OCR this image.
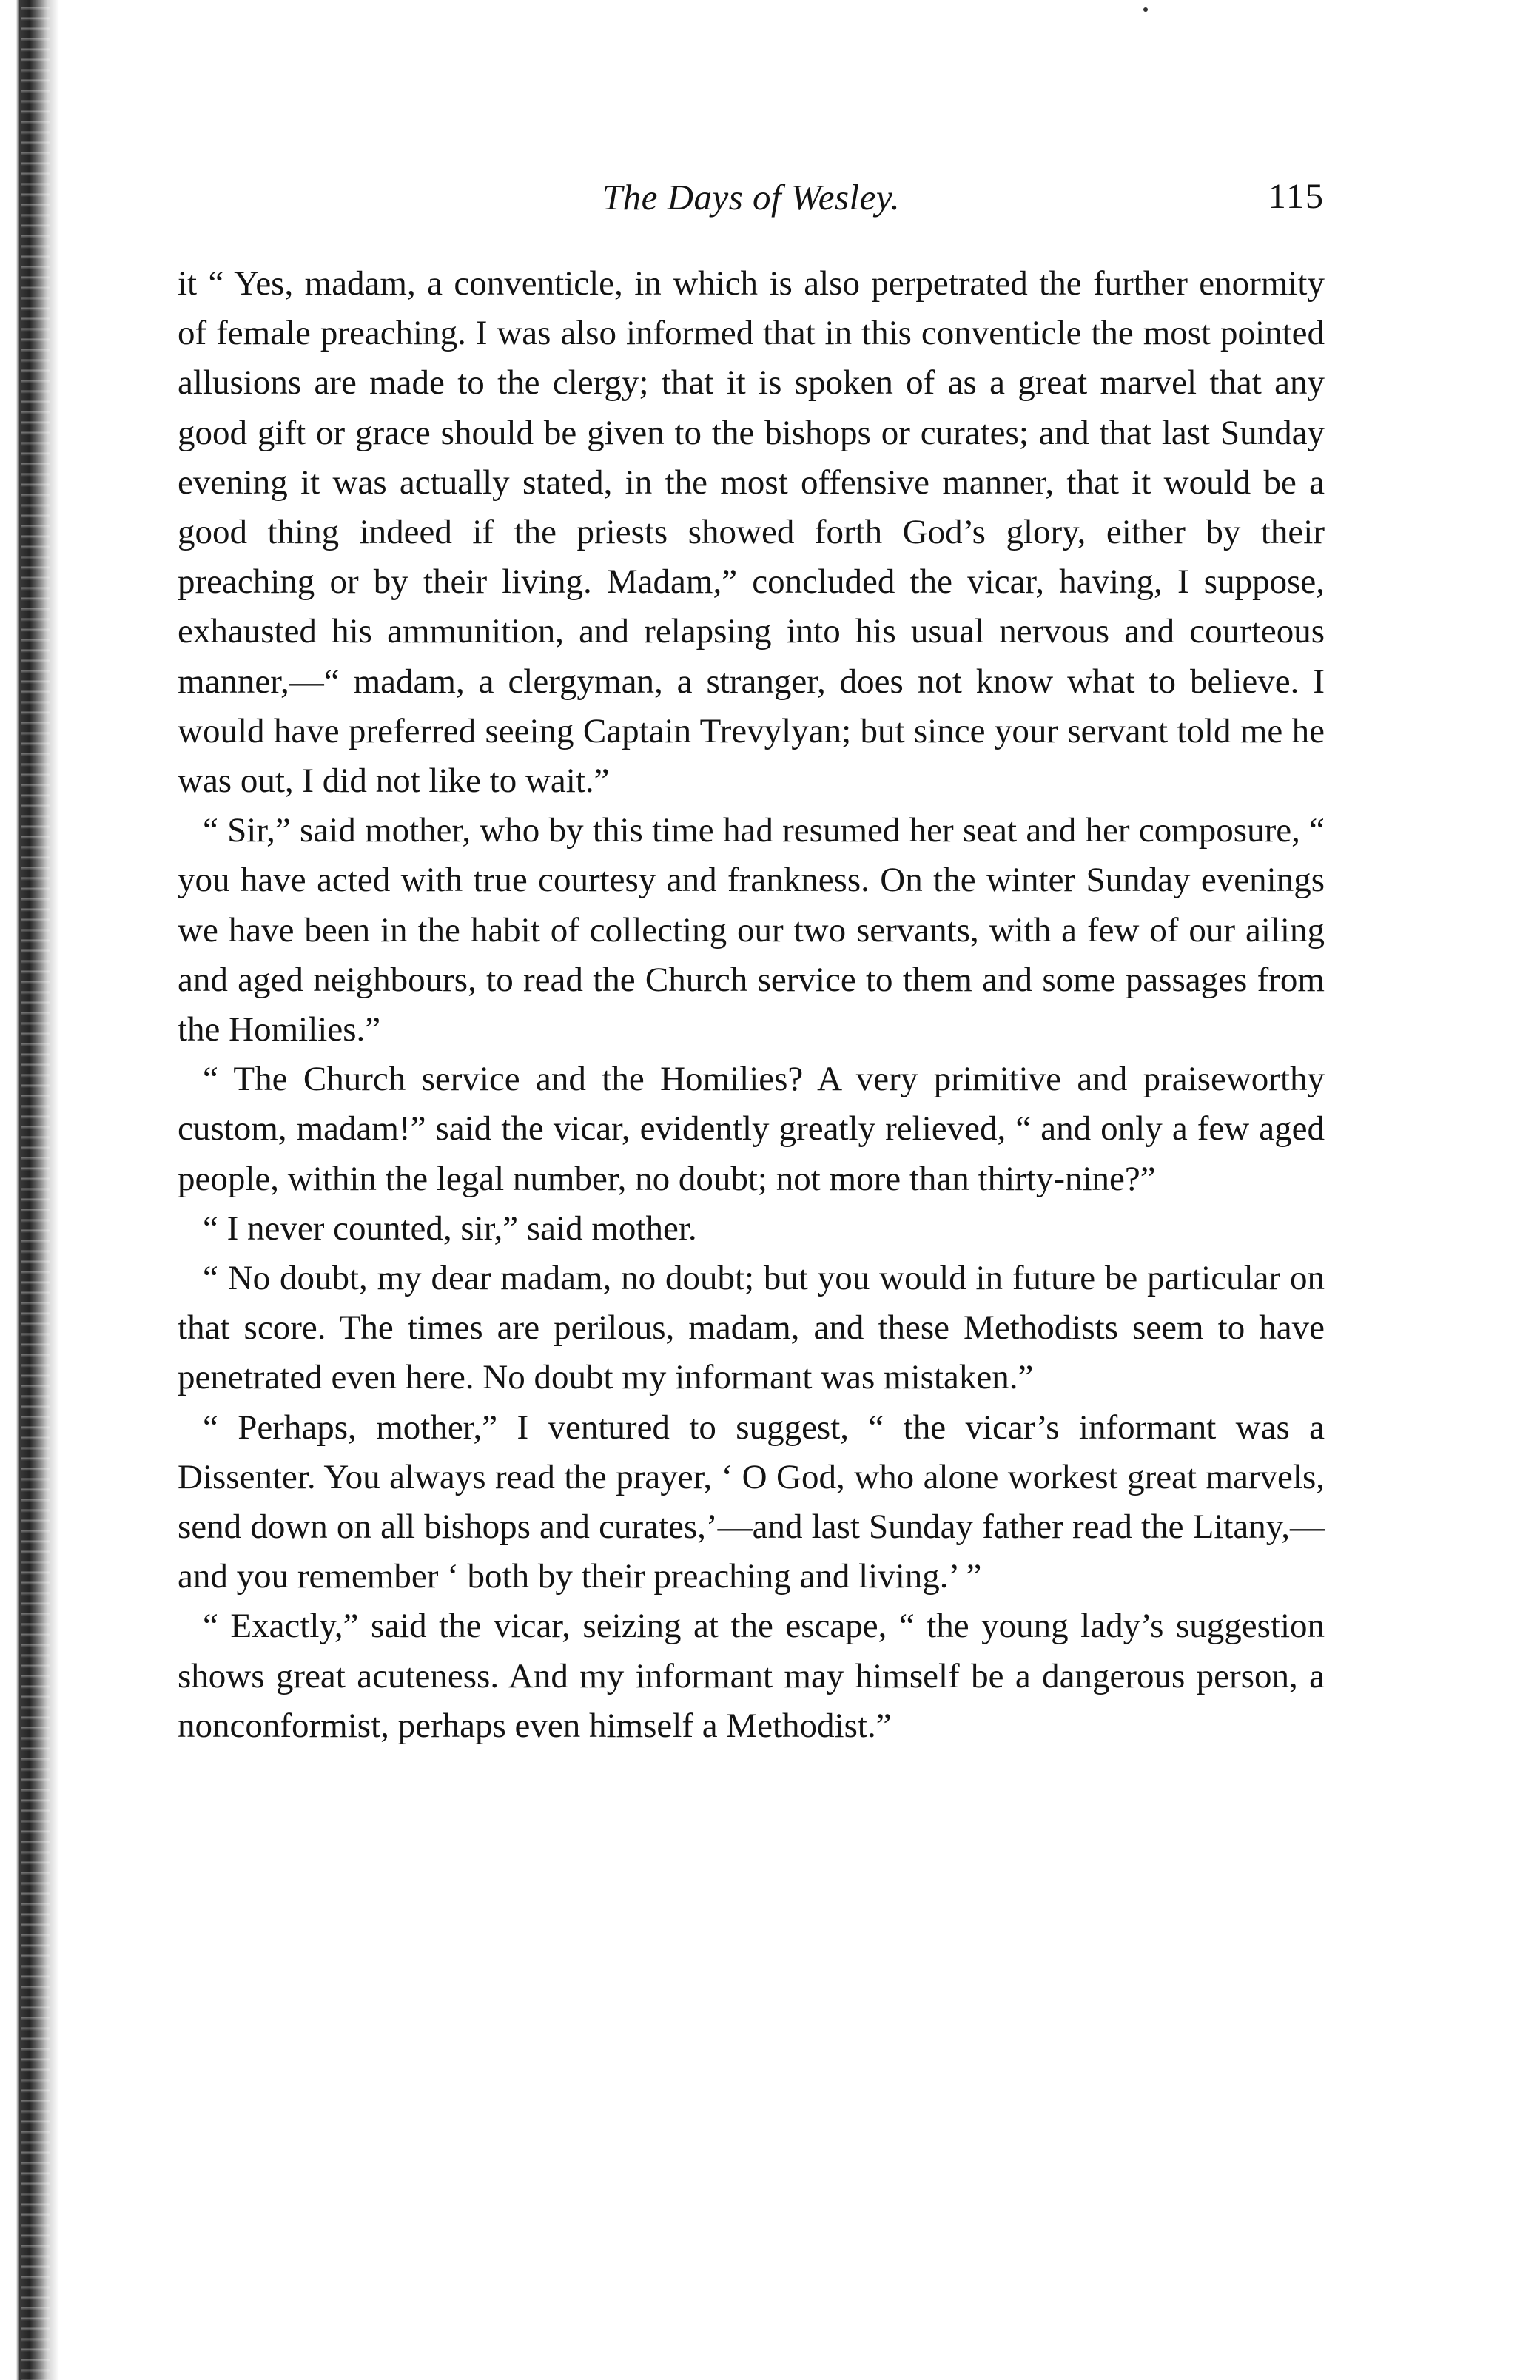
The Days of Wesley.	115

it “ Yes, madam, a conventicle, in which is also perpetrated the further enormity of female preaching. I was also informed that in this conventicle the most pointed allusions are made to the clergy; that it is spoken of as a great marvel that any good gift or grace should be given to the bishops or curates; and that last Sunday evening it was actually stated, in the most offensive manner, that it would be a good thing indeed if the priests showed forth God’s glory, either by their preaching or by their living. Madam,” concluded the vicar, having, I suppose, exhausted his ammunition, and relapsing into his usual nervous and courteous manner,—“ madam, a clergyman, a stranger, does not know what to believe. I would have preferred seeing Captain Trevylyan; but since your servant told me he was out, I did not like to wait.”

“ Sir,” said mother, who by this time had resumed her seat and her composure, “ you have acted with true courtesy and frankness. On the winter Sunday evenings we have been in the habit of collecting our two servants, with a few of our ailing and aged neighbours, to read the Church service to them and some passages from the Homilies.”

“ The Church service and the Homilies? A very primitive and praiseworthy custom, madam!” said the vicar, evidently greatly relieved, “ and only a few aged people, within the legal number, no doubt; not more than thirty-nine?”

“ I never counted, sir,” said mother.

“ No doubt, my dear madam, no doubt; but you would in future be particular on that score. The times are perilous, madam, and these Methodists seem to have penetrated even here. No doubt my informant was mistaken.”

“ Perhaps, mother,” I ventured to suggest, “ the vicar’s informant was a Dissenter. You always read the prayer, ‘ O God, who alone workest great marvels, send down on all bishops and curates,’—and last Sunday father read the Litany,—and you remember ‘ both by their preaching and living.’ ”

“ Exactly,” said the vicar, seizing at the escape, “ the young lady’s suggestion shows great acuteness. And my informant may himself be a dangerous person, a nonconformist, perhaps even himself a Methodist.”
